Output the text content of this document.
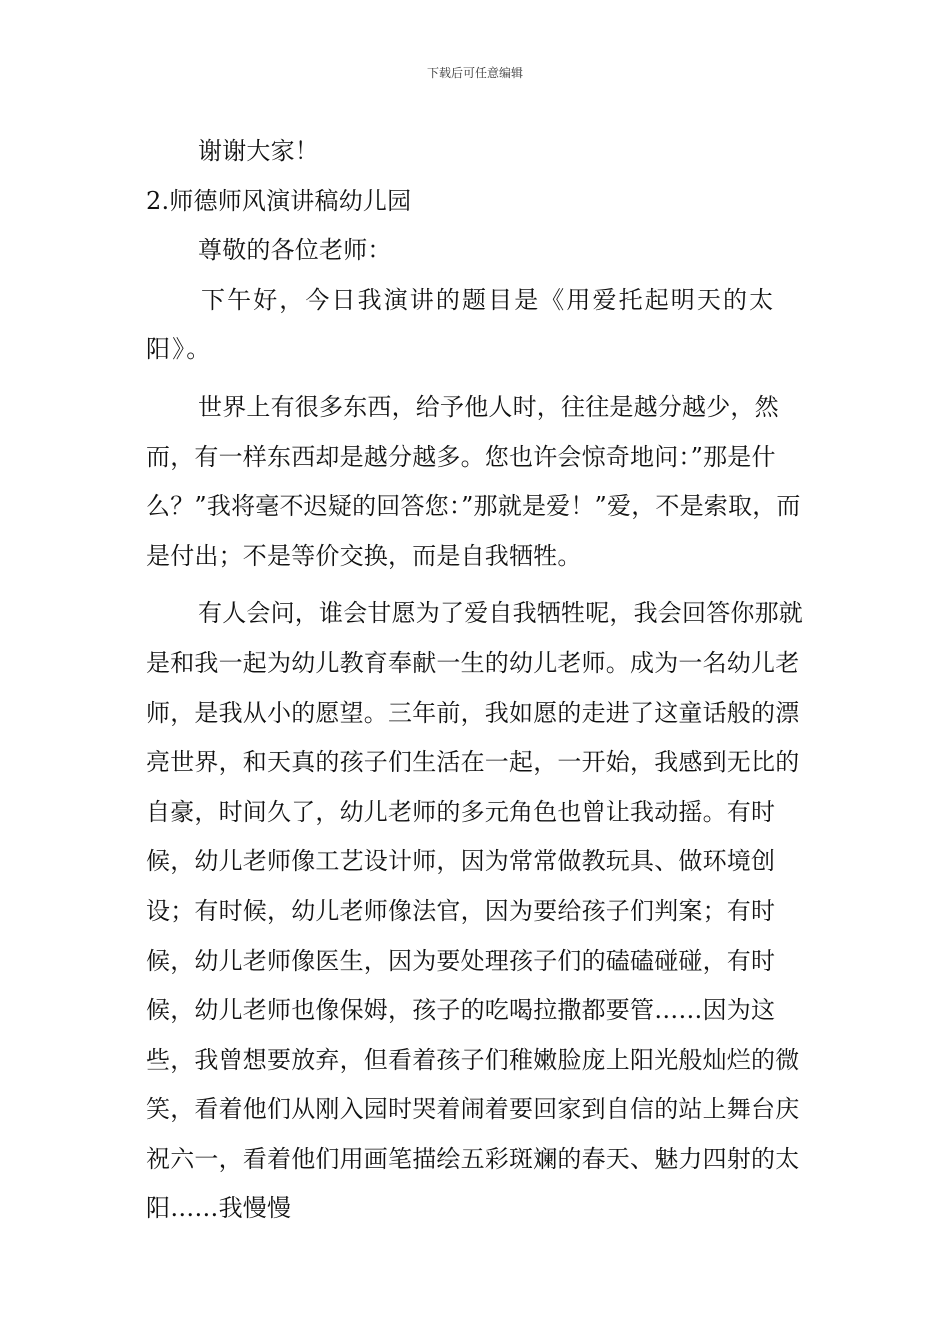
下载后可任意编辑

谢谢大家！

2.师德师风演讲稿幼儿园

尊敬的各位老师：

下午好，今日我演讲的题目是《用爱托起明天的太阳》。

世界上有很多东西，给予他人时，往往是越分越少，然而，有一样东西却是越分越多。您也许会惊奇地问：”那是什么？”我将毫不迟疑的回答您：”那就是爱！”爱，不是索取，而是付出；不是等价交换，而是自我牺牲。

有人会问，谁会甘愿为了爱自我牺牲呢，我会回答你那就是和我一起为幼儿教育奉献一生的幼儿老师。成为一名幼儿老师，是我从小的愿望。三年前，我如愿的走进了这童话般的漂亮世界，和天真的孩子们生活在一起，一开始，我感到无比的自豪，时间久了，幼儿老师的多元角色也曾让我动摇。有时候，幼儿老师像工艺设计师，因为常常做教玩具、做环境创设；有时候，幼儿老师像法官，因为要给孩子们判案；有时候，幼儿老师像医生，因为要处理孩子们的磕磕碰碰，有时候，幼儿老师也像保姆，孩子的吃喝拉撒都要管……因为这些，我曾想要放弃，但看着孩子们稚嫩脸庞上阳光般灿烂的微笑，看着他们从刚入园时哭着闹着要回家到自信的站上舞台庆祝六一，看着他们用画笔描绘五彩斑斓的春天、魅力四射的太阳……我慢慢
